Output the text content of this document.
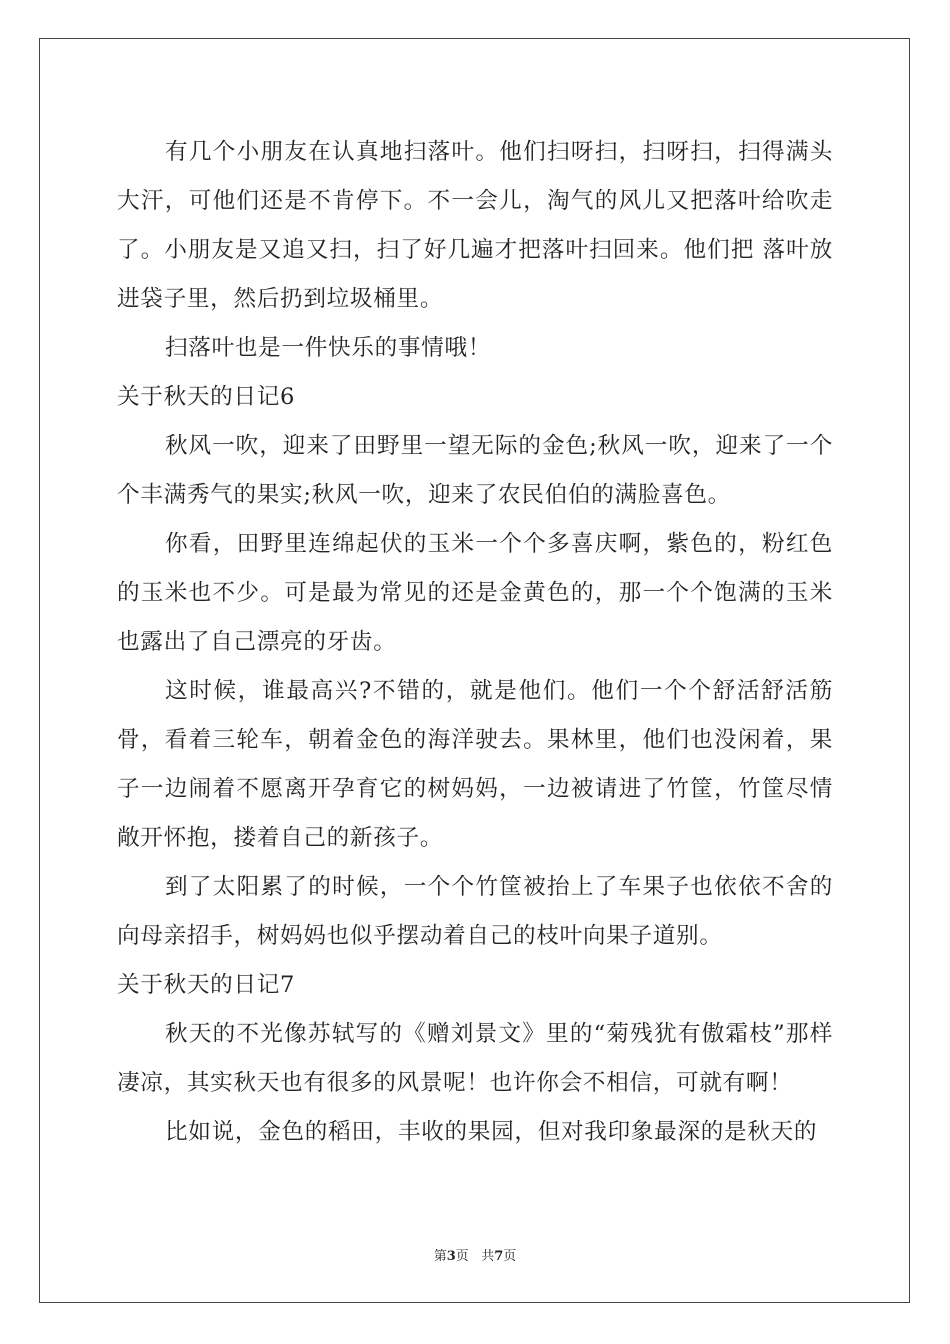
有几个小朋友在认真地扫落叶。他们扫呀扫，扫呀扫，扫得满头大汗，可他们还是不肯停下。不一会儿，淘气的风儿又把落叶给吹走了。小朋友是又追又扫，扫了好几遍才把落叶扫回来。他们把 落叶放进袋子里，然后扔到垃圾桶里。

扫落叶也是一件快乐的事情哦！

关于秋天的日记6

秋风一吹，迎来了田野里一望无际的金色;秋风一吹，迎来了一个个丰满秀气的果实;秋风一吹，迎来了农民伯伯的满脸喜色。

你看，田野里连绵起伏的玉米一个个多喜庆啊，紫色的，粉红色的玉米也不少。可是最为常见的还是金黄色的，那一个个饱满的玉米也露出了自己漂亮的牙齿。

这时候，谁最高兴?不错的，就是他们。他们一个个舒活舒活筋骨，看着三轮车，朝着金色的海洋驶去。果林里，他们也没闲着，果子一边闹着不愿离开孕育它的树妈妈，一边被请进了竹筐，竹筐尽情敞开怀抱，搂着自己的新孩子。

到了太阳累了的时候，一个个竹筐被抬上了车果子也依依不舍的向母亲招手，树妈妈也似乎摆动着自己的枝叶向果子道别。

关于秋天的日记7

秋天的不光像苏轼写的《赠刘景文》里的“菊残犹有傲霜枝”那样凄凉，其实秋天也有很多的风景呢！也许你会不相信，可就有啊！

比如说，金色的稻田，丰收的果园，但对我印象最深的是秋天的

第3页 共7页
